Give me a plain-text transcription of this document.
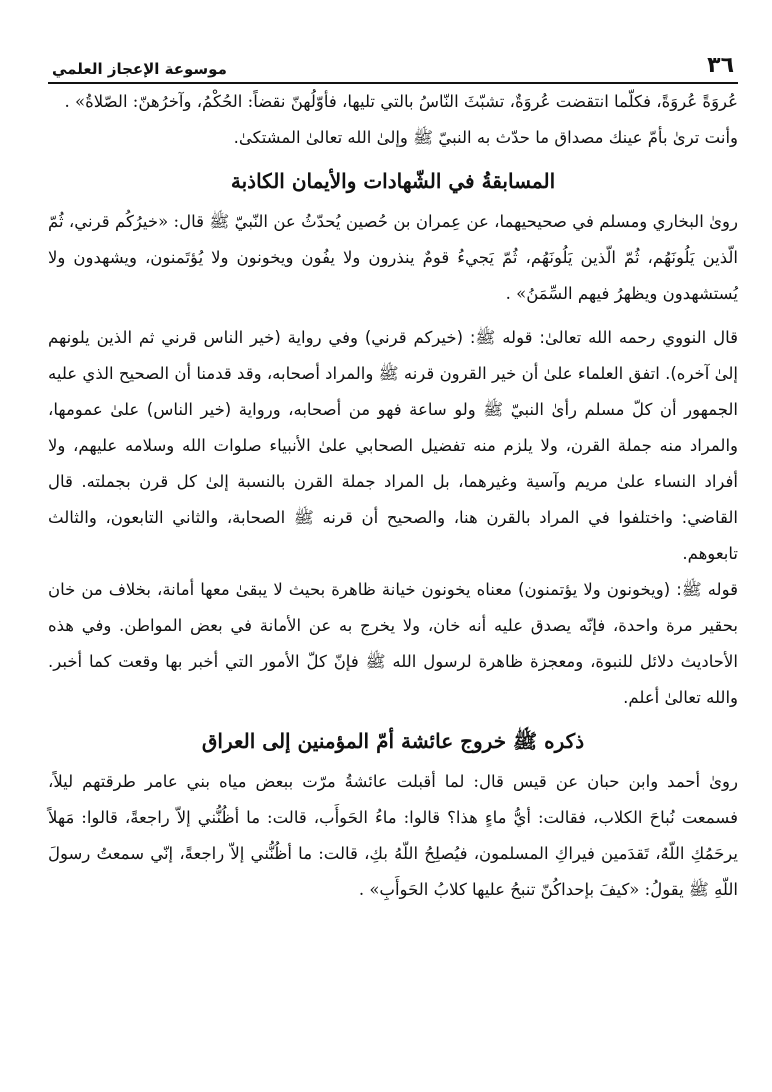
٣٦
موسوعة الإعجاز العلمي

عُروَةً عُروَةً، فكلّما انتقضت عُروَةٌ، تشبّثَ النّاسُ بالتي تليها، فأوّلُهنّ نقضاً: الحُكْمُ، وآخرُهنّ: الصّلاةُ» .

وأنت ترىٰ بأمّ عينك مصداق ما حدّث به النبيّ ﷺ وإلىٰ الله تعالىٰ المشتكىٰ.

المسابقةُ في الشّهادات والأيمان الكاذبة

روىٰ البخاري ومسلم في صحيحيهما، عن عِمران بن حُصين يُحدّثُ عن النّبيّ ﷺ قال: «خيرُكُم قرني، ثُمّ الّذين يَلُونَهُم، ثُمّ الّذين يَلُونَهُم، ثُمّ يَجيءُ قومٌ ينذرون ولا يفُون ويخونون ولا يُؤتَمنون، ويشهدون ولا يُستشهدون ويظهرُ فيهم السِّمَنُ» .

قال النووي رحمه الله تعالىٰ: قوله ﷺ: (خيركم قرني) وفي رواية (خير الناس قرني ثم الذين يلونهم إلىٰ آخره). اتفق العلماء علىٰ أن خير القرون قرنه ﷺ والمراد أصحابه، وقد قدمنا أن الصحيح الذي عليه الجمهور أن كلّ مسلم رأىٰ النبيّ ﷺ ولو ساعة فهو من أصحابه، ورواية (خير الناس) علىٰ عمومها، والمراد منه جملة القرن، ولا يلزم منه تفضيل الصحابي علىٰ الأنبياء صلوات الله وسلامه عليهم، ولا أفراد النساء علىٰ مريم وآسية وغيرهما، بل المراد جملة القرن بالنسبة إلىٰ كل قرن بجملته. قال القاضي: واختلفوا في المراد بالقرن هنا، والصحيح أن قرنه ﷺ الصحابة، والثاني التابعون، والثالث تابعوهم.

قوله ﷺ: (ويخونون ولا يؤتمنون) معناه يخونون خيانة ظاهرة بحيث لا يبقىٰ معها أمانة، بخلاف من خان بحقير مرة واحدة، فإنّه يصدق عليه أنه خان، ولا يخرج به عن الأمانة في بعض المواطن. وفي هذه الأحاديث دلائل للنبوة، ومعجزة ظاهرة لرسول الله ﷺ فإنّ كلّ الأمور التي أخبر بها وقعت كما أخبر. والله تعالىٰ أعلم.

ذكره ﷺ خروج عائشة أمّ المؤمنين إلى العراق

روىٰ أحمد وابن حبان عن قيس قال: لما أقبلت عائشةُ مرّت ببعض مياه بني عامر طرقتهم ليلاً، فسمعت نُباحَ الكلاب، فقالت: أيُّ ماءٍ هذا؟ قالوا: ماءُ الحَوأَب، قالت: ما أظُنُّني إلاّ راجعةً، قالوا: مَهلاً يرحَمُكِ اللّهُ، تَقدَمين فيراكِ المسلمون، فيُصلِحُ اللّهُ بكِ، قالت: ما أظُنُّني إلاّ راجعةً، إنّي سمعتُ رسولَ اللّهِ ﷺ يقولُ: «كيفَ بإحداكُنّ تنبحُ عليها كلابُ الحَوأَبِ» .
